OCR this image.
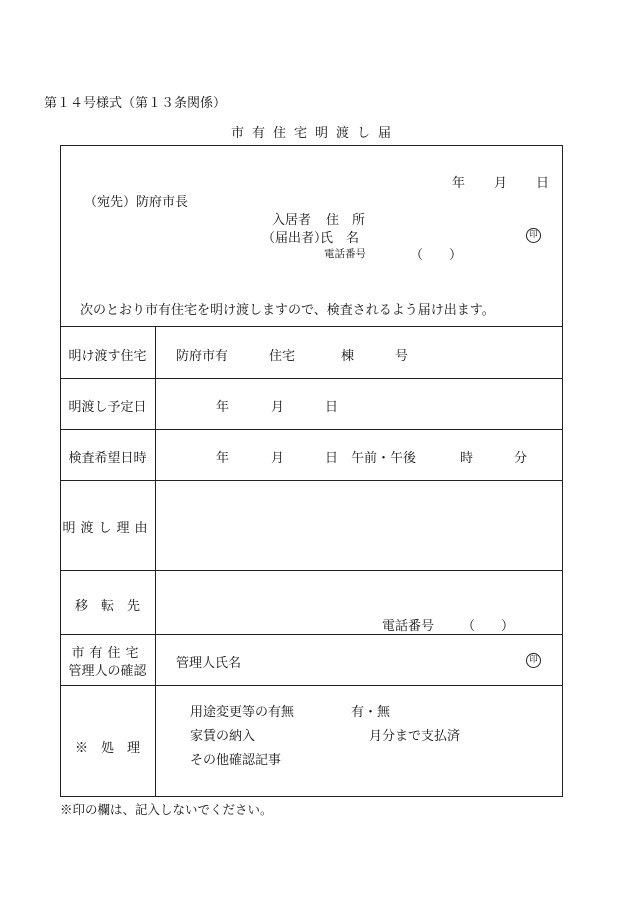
第１４号様式（第１３条関係）
市有住宅明渡し届
年 月 日
（宛先）防府市長
入居者 住　所
（届出者）
氏　名	印
電話番号	（　　）
次のとおり市有住宅を明け渡しますので、検査されるよう届け出ます。
明け渡す住宅	防府市有	住宅	棟	号
明渡し予定日	年	月	日
検査希望日時	年	月	日 午前・午後	時	分
明渡し理由
移　転　先
電話番号 （　　）
市有住宅
管理人の確認
管理人氏名	印
※　処　理
用途変更等の有無	有・無
家賃の納入	月分まで支払済
その他確認記事
※印の欄は、記入しないでください。
